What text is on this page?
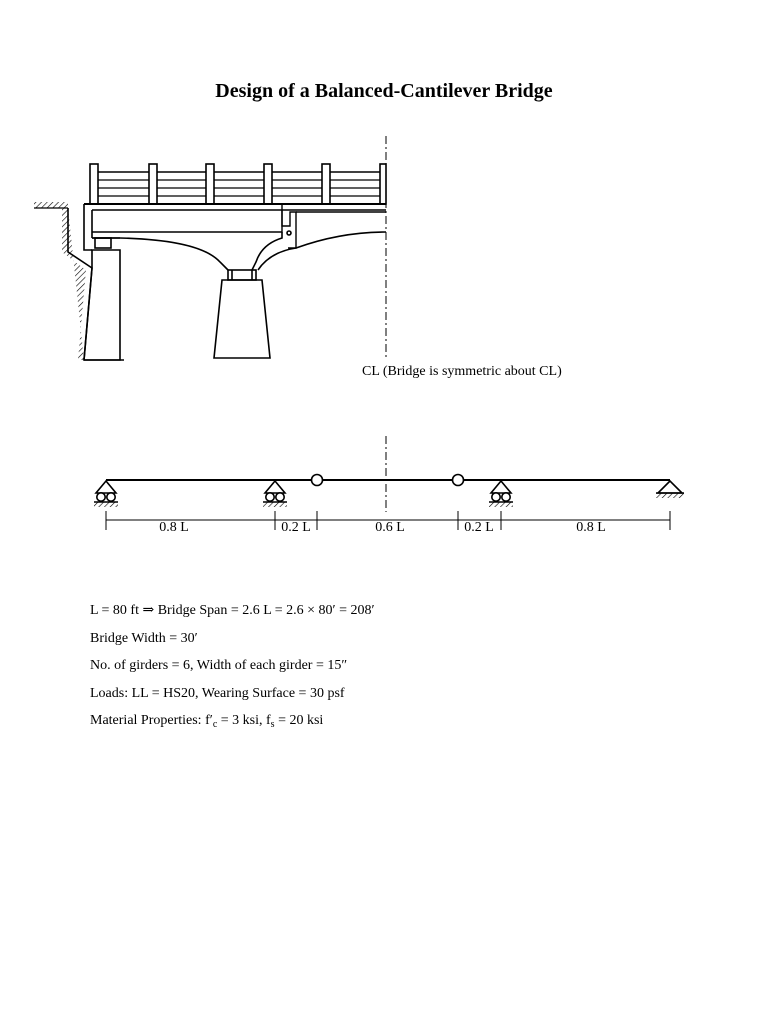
Design of a Balanced-Cantilever Bridge
CL (Bridge is symmetric about CL)
0.8 L	0.2 L	0.6 L	0.2 L	0.8 L
L = 80 ft ⇒ Bridge Span = 2.6 L = 2.6 × 80′ = 208′
Bridge Width = 30′
No. of girders = 6, Width of each girder = 15″
Loads: LL = HS20, Wearing Surface = 30 psf
Material Properties: $f'_c = 3$ ksi, $f_s = 20$ ksi
